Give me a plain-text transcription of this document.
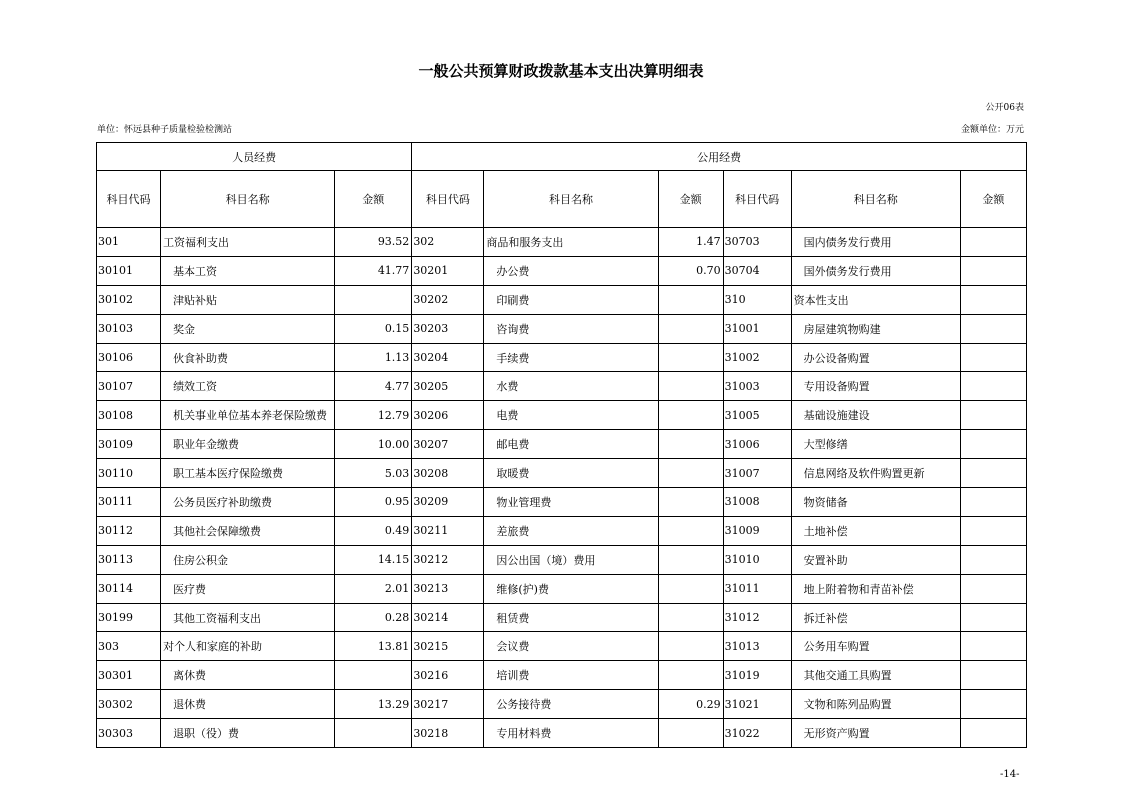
一般公共预算财政拨款基本支出决算明细表
公开06表
单位：怀远县种子质量检验检测站	金额单位：万元
人员经费			公用经费					
科目代码	科目名称	金额	科目代码	科目名称	金额	科目代码	科目名称	金额
301	工资福利支出	93.52	302	商品和服务支出	1.47	30703	国内债务发行费用	
30101	基本工资	41.77	30201	办公费	0.70	30704	国外债务发行费用	
30102	津贴补贴		30202	印刷费		310	资本性支出	
30103	奖金	0.15	30203	咨询费		31001	房屋建筑物购建	
30106	伙食补助费	1.13	30204	手续费		31002	办公设备购置	
30107	绩效工资	4.77	30205	水费		31003	专用设备购置	
30108	机关事业单位基本养老保险缴费	12.79	30206	电费		31005	基础设施建设	
30109	职业年金缴费	10.00	30207	邮电费		31006	大型修缮	
30110	职工基本医疗保险缴费	5.03	30208	取暖费		31007	信息网络及软件购置更新	
30111	公务员医疗补助缴费	0.95	30209	物业管理费		31008	物资储备	
30112	其他社会保障缴费	0.49	30211	差旅费		31009	土地补偿	
30113	住房公积金	14.15	30212	因公出国（境）费用		31010	安置补助	
30114	医疗费	2.01	30213	维修(护)费		31011	地上附着物和青苗补偿	
30199	其他工资福利支出	0.28	30214	租赁费		31012	拆迁补偿	
303	对个人和家庭的补助	13.81	30215	会议费		31013	公务用车购置	
30301	离休费		30216	培训费		31019	其他交通工具购置	
30302	退休费	13.29	30217	公务接待费	0.29	31021	文物和陈列品购置	
30303	退职（役）费		30218	专用材料费		31022	无形资产购置	
-14-
